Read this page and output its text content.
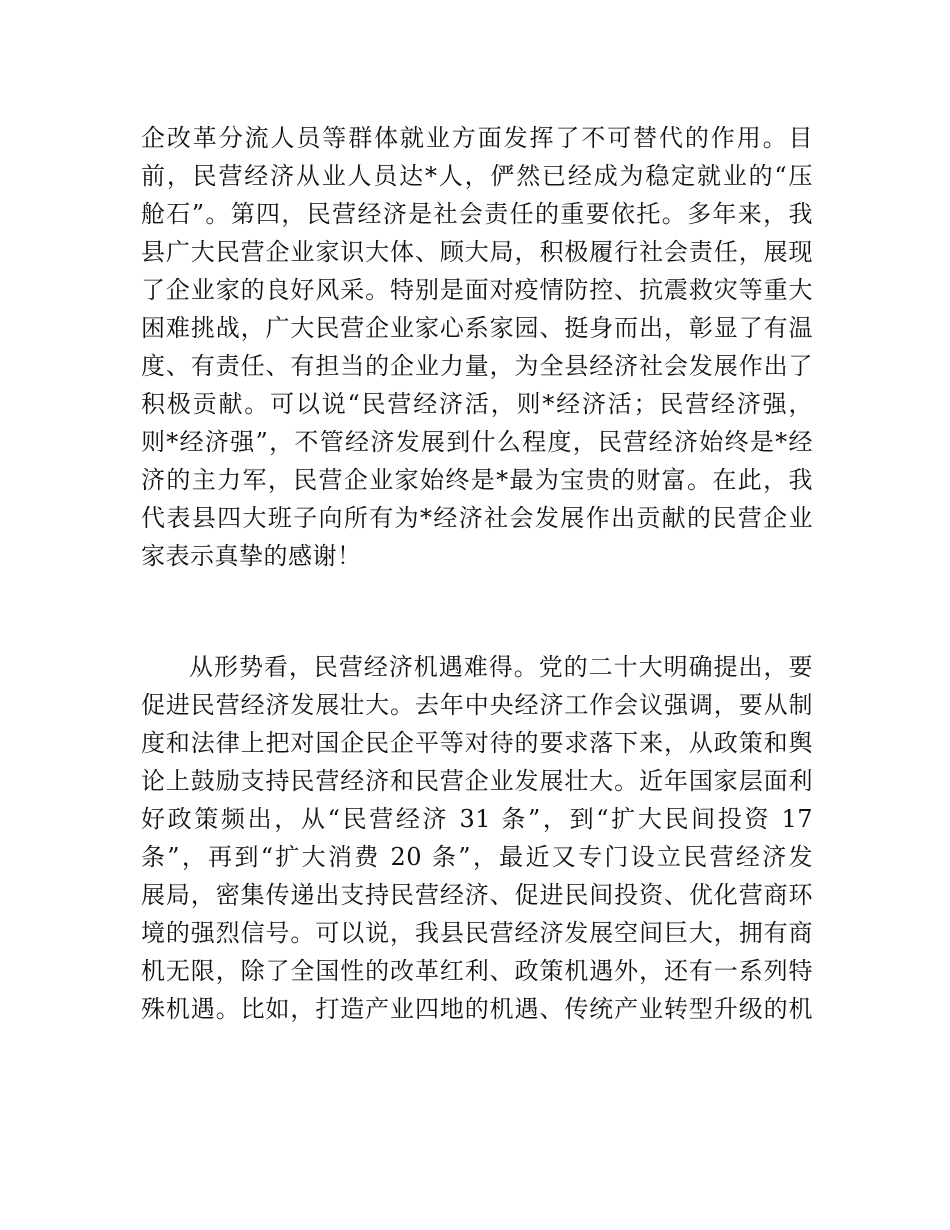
企改革分流人员等群体就业方面发挥了不可替代的作用。目
前，民营经济从业人员达*人，俨然已经成为稳定就业的“压
舱石”。第四，民营经济是社会责任的重要依托。多年来，我
县广大民营企业家识大体、顾大局，积极履行社会责任，展现
了企业家的良好风采。特别是面对疫情防控、抗震救灾等重大
困难挑战，广大民营企业家心系家园、挺身而出，彰显了有温
度、有责任、有担当的企业力量，为全县经济社会发展作出了
积极贡献。可以说“民营经济活，则*经济活；民营经济强，
则*经济强”，不管经济发展到什么程度，民营经济始终是*经
济的主力军，民营企业家始终是*最为宝贵的财富。在此，我
代表县四大班子向所有为*经济社会发展作出贡献的民营企业
家表示真挚的感谢！
从形势看，民营经济机遇难得。党的二十大明确提出，要
促进民营经济发展壮大。去年中央经济工作会议强调，要从制
度和法律上把对国企民企平等对待的要求落下来，从政策和舆
论上鼓励支持民营经济和民营企业发展壮大。近年国家层面利
好政策频出，从“民营经济 31 条”，到“扩大民间投资 17
条”，再到“扩大消费 20 条”，最近又专门设立民营经济发
展局，密集传递出支持民营经济、促进民间投资、优化营商环
境的强烈信号。可以说，我县民营经济发展空间巨大，拥有商
机无限，除了全国性的改革红利、政策机遇外，还有一系列特
殊机遇。比如，打造产业四地的机遇、传统产业转型升级的机
